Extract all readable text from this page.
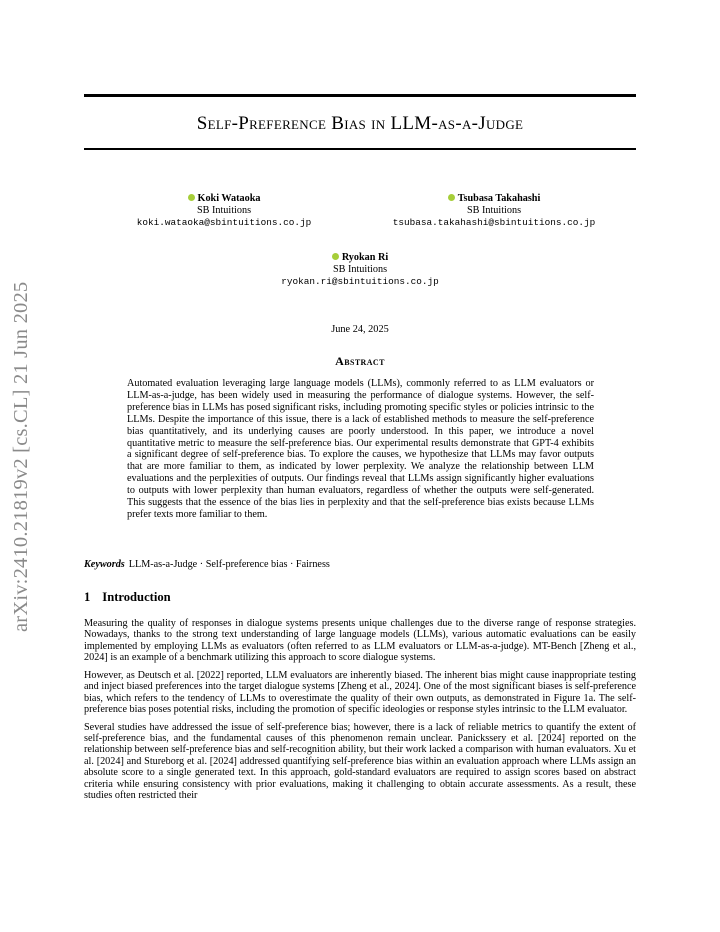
arXiv:2410.21819v2 [cs.CL] 21 Jun 2025
Self-Preference Bias in LLM-as-a-Judge
Koki Wataoka
SB Intuitions
koki.wataoka@sbintuitions.co.jp
Tsubasa Takahashi
SB Intuitions
tsubasa.takahashi@sbintuitions.co.jp
Ryokan Ri
SB Intuitions
ryokan.ri@sbintuitions.co.jp
June 24, 2025
Abstract
Automated evaluation leveraging large language models (LLMs), commonly referred to as LLM evaluators or LLM-as-a-judge, has been widely used in measuring the performance of dialogue systems. However, the self-preference bias in LLMs has posed significant risks, including promoting specific styles or policies intrinsic to the LLMs. Despite the importance of this issue, there is a lack of established methods to measure the self-preference bias quantitatively, and its underlying causes are poorly understood. In this paper, we introduce a novel quantitative metric to measure the self-preference bias. Our experimental results demonstrate that GPT-4 exhibits a significant degree of self-preference bias. To explore the causes, we hypothesize that LLMs may favor outputs that are more familiar to them, as indicated by lower perplexity. We analyze the relationship between LLM evaluations and the perplexities of outputs. Our findings reveal that LLMs assign significantly higher evaluations to outputs with lower perplexity than human evaluators, regardless of whether the outputs were self-generated. This suggests that the essence of the bias lies in perplexity and that the self-preference bias exists because LLMs prefer texts more familiar to them.
Keywords LLM-as-a-Judge · Self-preference bias · Fairness
1 Introduction

Measuring the quality of responses in dialogue systems presents unique challenges due to the diverse range of response strategies. Nowadays, thanks to the strong text understanding of large language models (LLMs), various automatic evaluations can be easily implemented by employing LLMs as evaluators (often referred to as LLM evaluators or LLM-as-a-judge). MT-Bench [Zheng et al., 2024] is an example of a benchmark utilizing this approach to score dialogue systems.

However, as Deutsch et al. [2022] reported, LLM evaluators are inherently biased. The inherent bias might cause inappropriate testing and inject biased preferences into the target dialogue systems [Zheng et al., 2024]. One of the most significant biases is self-preference bias, which refers to the tendency of LLMs to overestimate the quality of their own outputs, as demonstrated in Figure 1a. The self-preference bias poses potential risks, including the promotion of specific ideologies or response styles intrinsic to the LLM evaluator.

Several studies have addressed the issue of self-preference bias; however, there is a lack of reliable metrics to quantify the extent of self-preference bias, and the fundamental causes of this phenomenon remain unclear. Panickssery et al. [2024] reported on the relationship between self-preference bias and self-recognition ability, but their work lacked a comparison with human evaluators. Xu et al. [2024] and Stureborg et al. [2024] addressed quantifying self-preference bias within an evaluation approach where LLMs assign an absolute score to a single generated text. In this approach, gold-standard evaluators are required to assign scores based on abstract criteria while ensuring consistency with prior evaluations, making it challenging to obtain accurate assessments. As a result, these studies often restricted their
